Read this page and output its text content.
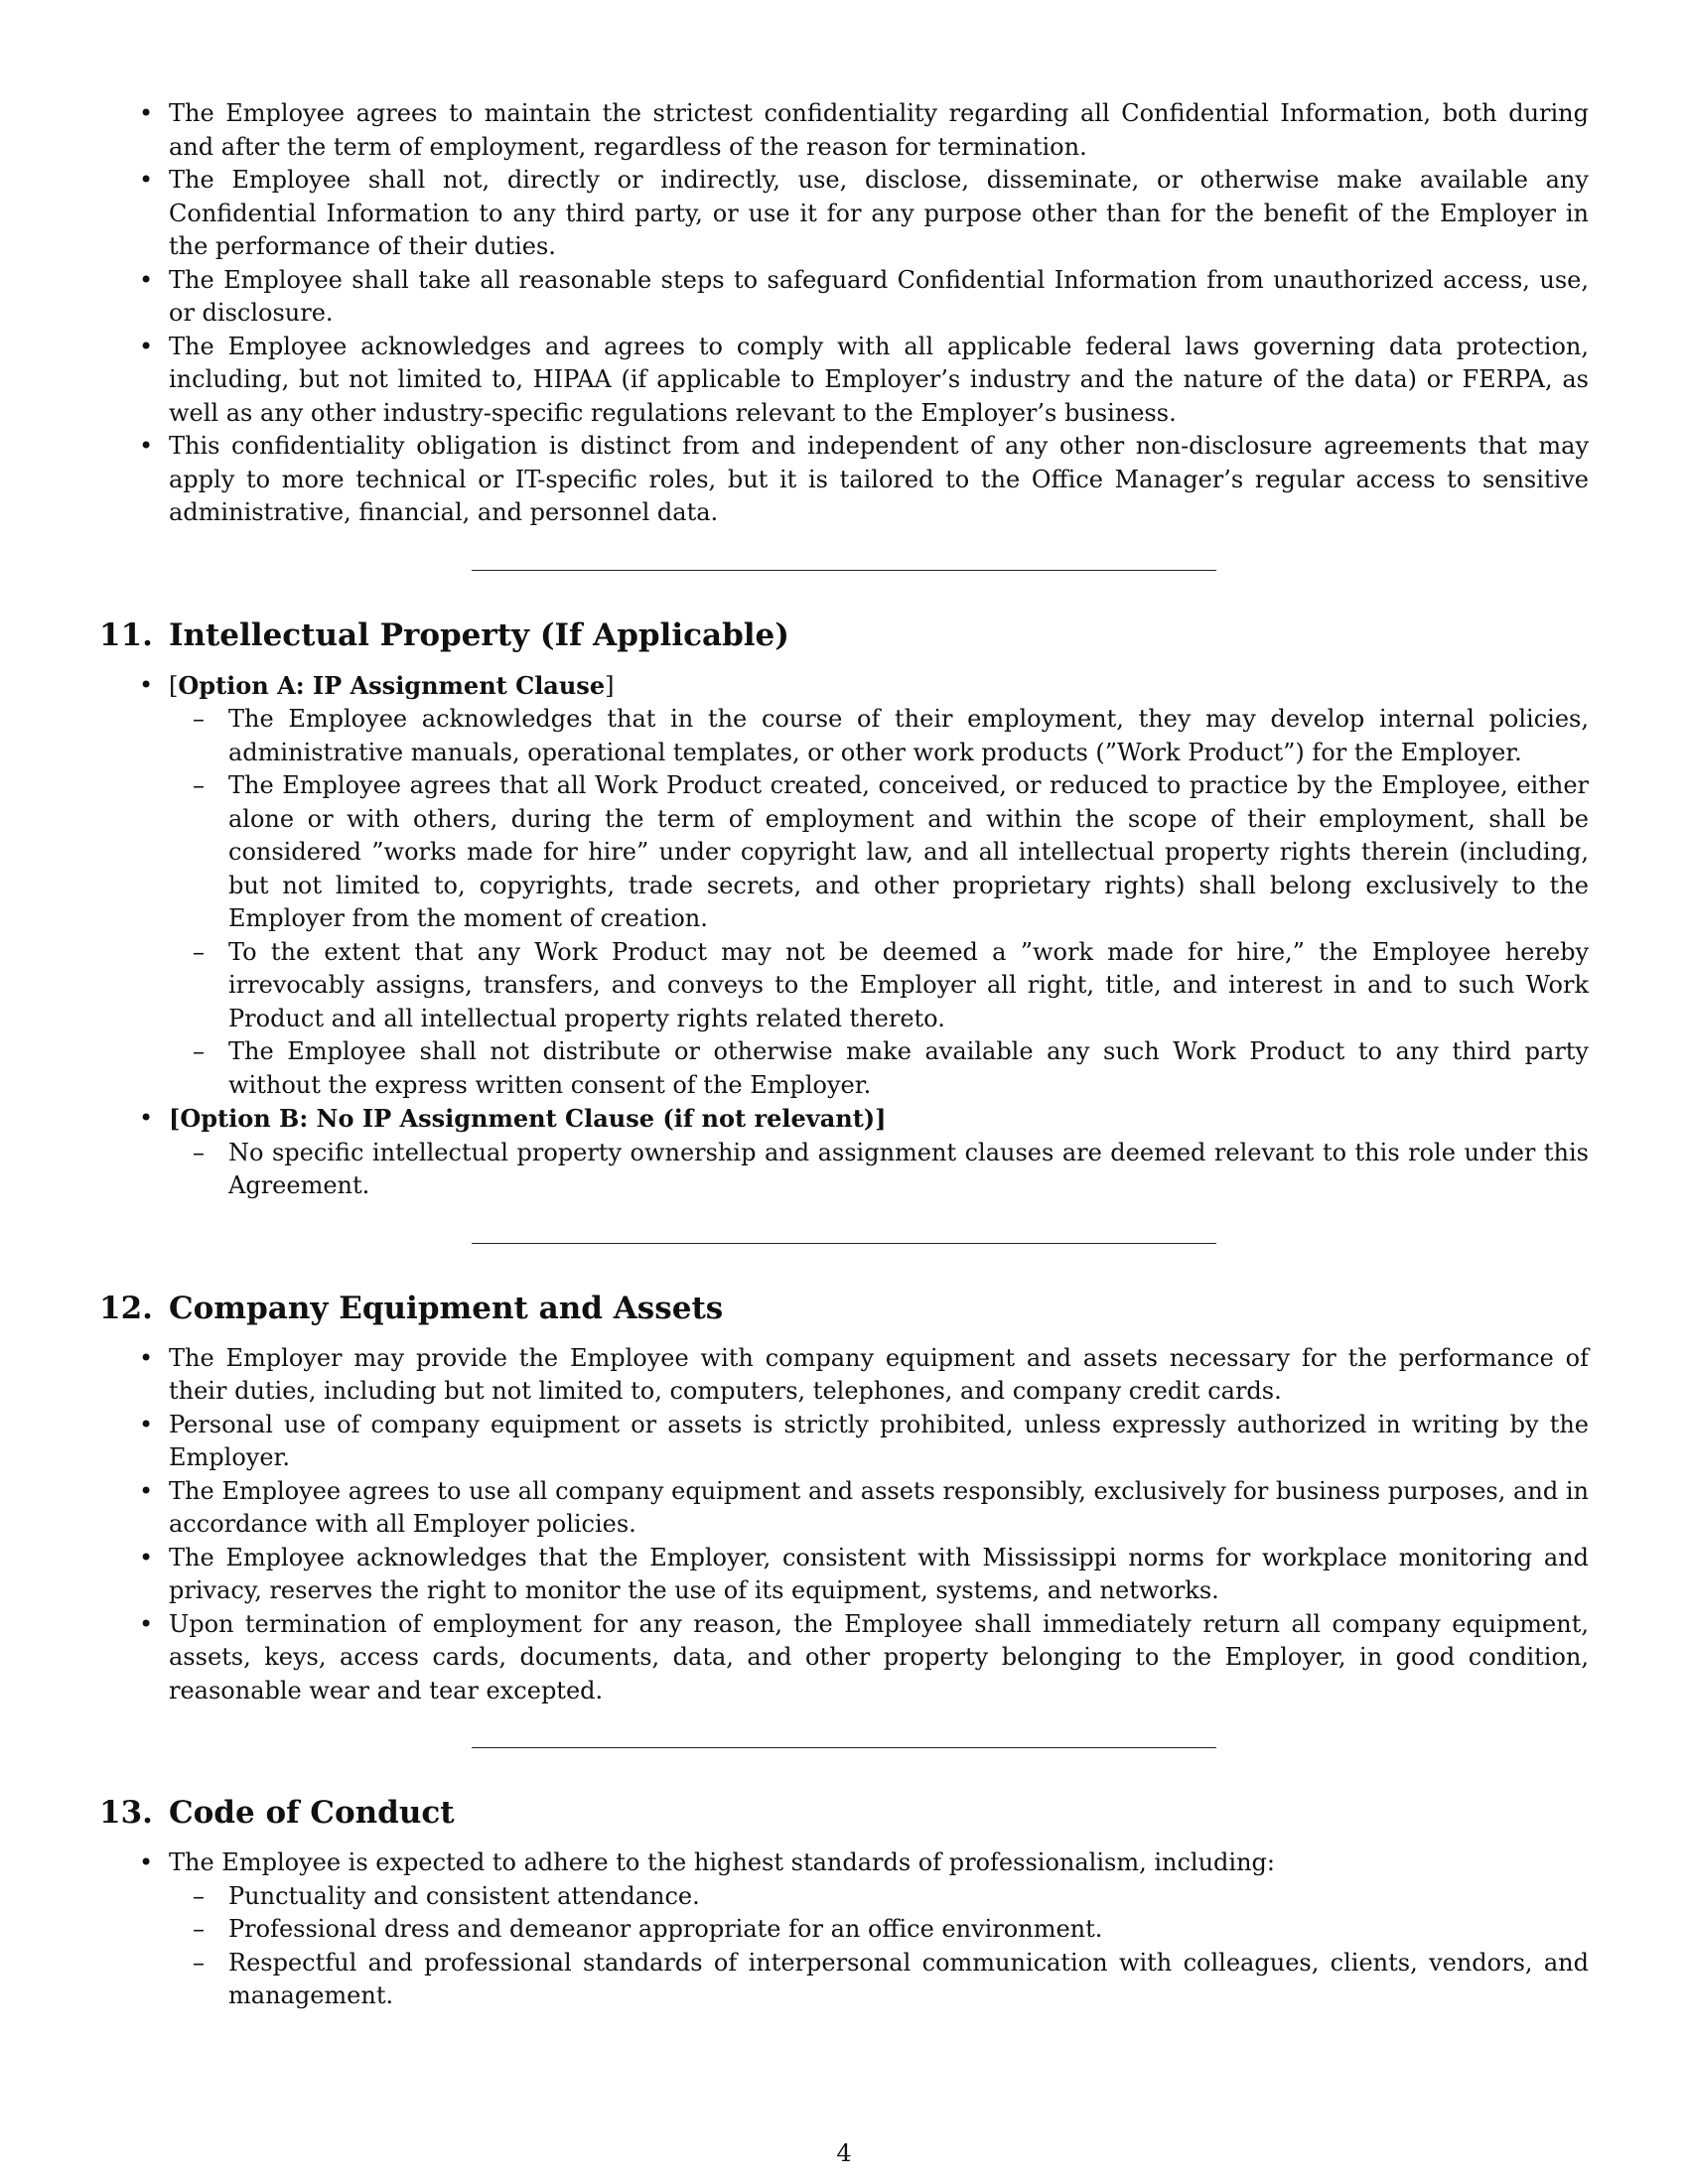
• The Employee agrees to maintain the strictest confidentiality regarding all Confidential Information, both during and after the term of employment, regardless of the reason for termination.
• The Employee shall not, directly or indirectly, use, disclose, disseminate, or otherwise make available any Confidential Information to any third party, or use it for any purpose other than for the benefit of the Employer in the performance of their duties.
• The Employee shall take all reasonable steps to safeguard Confidential Information from unauthorized access, use, or disclosure.
• The Employee acknowledges and agrees to comply with all applicable federal laws governing data protection, including, but not limited to, HIPAA (if applicable to Employer’s industry and the nature of the data) or FERPA, as well as any other industry-specific regulations relevant to the Employer’s business.
• This confidentiality obligation is distinct from and independent of any other non-disclosure agreements that may apply to more technical or IT-specific roles, but it is tailored to the Office Manager’s regular access to sensitive administrative, financial, and personnel data.
11. Intellectual Property (If Applicable)
• [Option A: IP Assignment Clause]
– The Employee acknowledges that in the course of their employment, they may develop internal policies, administrative manuals, operational templates, or other work products (”Work Product”) for the Employer.
– The Employee agrees that all Work Product created, conceived, or reduced to practice by the Employee, either alone or with others, during the term of employment and within the scope of their employment, shall be considered ”works made for hire” under copyright law, and all intellectual property rights therein (including, but not limited to, copyrights, trade secrets, and other proprietary rights) shall belong exclusively to the Employer from the moment of creation.
– To the extent that any Work Product may not be deemed a ”work made for hire,” the Employee hereby irrevocably assigns, transfers, and conveys to the Employer all right, title, and interest in and to such Work Product and all intellectual property rights related thereto.
– The Employee shall not distribute or otherwise make available any such Work Product to any third party without the express written consent of the Employer.
• [Option B: No IP Assignment Clause (if not relevant)]
– No specific intellectual property ownership and assignment clauses are deemed relevant to this role under this Agreement.
12. Company Equipment and Assets
• The Employer may provide the Employee with company equipment and assets necessary for the performance of their duties, including but not limited to, computers, telephones, and company credit cards.
• Personal use of company equipment or assets is strictly prohibited, unless expressly authorized in writing by the Employer.
• The Employee agrees to use all company equipment and assets responsibly, exclusively for business purposes, and in accordance with all Employer policies.
• The Employee acknowledges that the Employer, consistent with Mississippi norms for workplace monitoring and privacy, reserves the right to monitor the use of its equipment, systems, and networks.
• Upon termination of employment for any reason, the Employee shall immediately return all company equipment, assets, keys, access cards, documents, data, and other property belonging to the Employer, in good condition, reasonable wear and tear excepted.
13. Code of Conduct
• The Employee is expected to adhere to the highest standards of professionalism, including:
– Punctuality and consistent attendance.
– Professional dress and demeanor appropriate for an office environment.
– Respectful and professional standards of interpersonal communication with colleagues, clients, vendors, and management.
4
